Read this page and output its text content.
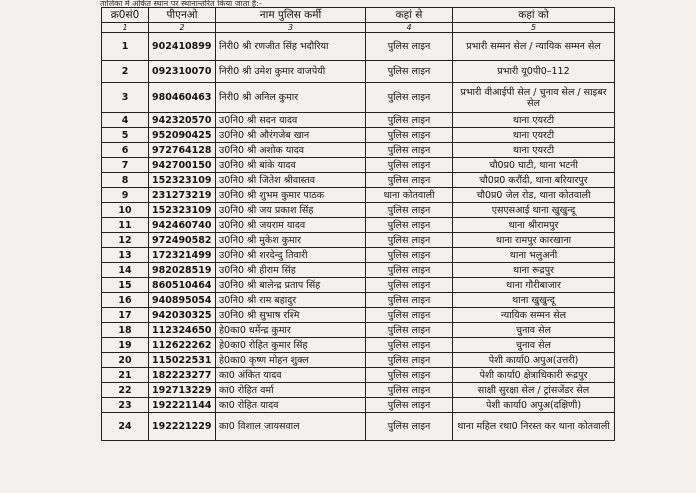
तालिका में अंकित स्थान पर स्थानान्तरित किया जाता है:-
क्र0सं0	पीएनओ	नाम पुलिस कर्मी	कहां से	कहां को
1	2	3	4	5
1	902410899	निरी0 श्री रणजीत सिंह भदौरिया	पुलिस लाइन	प्रभारी सम्मन सेल / न्यायिक सम्मन सेल
2	092310070	निरी0 श्री उमेश कुमार वाजपेयी	पुलिस लाइन	प्रभारी यू0पी0–112
3	980460463	निरी0 श्री अनिल कुमार	पुलिस लाइन	प्रभारी वीआईपी सेल / चुनाव सेल / साइबर सेल
4	942320570	उ0नि0 श्री सदन यादव	पुलिस लाइन	थाना एयरटी
5	952090425	उ0नि0 श्री औरंगजेब खान	पुलिस लाइन	थाना एयरटी
6	972764128	उ0नि0 श्री अशोक यादव	पुलिस लाइन	थाना एयरटी
7	942700150	उ0नि0 श्री बांके यादव	पुलिस लाइन	चौ0प्र0 घाटी, थाना भटनी
8	152323109	उ0नि0 श्री जितेश श्रीवास्तव	पुलिस लाइन	चौ0प्र0 करौंदी, थाना बरियारपुर
9	231273219	उ0नि0 श्री शुभम कुमार पाठक	थाना कोतवाली	चौ0प्र0 जेल रोड, थाना कोतवाली
10	152323109	उ0नि0 श्री जय प्रकाश सिंह	पुलिस लाइन	एसएसआई थाना खुखुन्दू
11	942460740	उ0नि0 श्री जयराम यादव	पुलिस लाइन	थाना श्रीरामपुर
12	972490582	उ0नि0 श्री मुकेश कुमार	पुलिस लाइन	थाना रामपुर कारखाना
13	172321499	उ0नि0 श्री शरदेन्दु तिवारी	पुलिस लाइन	थाना भलुअनी
14	982028519	उ0नि0 श्री हीराम सिंह	पुलिस लाइन	थाना रूद्रपुर
15	860510464	उ0नि0 श्री बालेन्द्र प्रताप सिंह	पुलिस लाइन	थाना गौरीबाजार
16	940895054	उ0नि0 श्री राम बहादुर	पुलिस लाइन	थाना खुखुन्दू
17	942030325	उ0नि0 श्री सुभाष रश्मि	पुलिस लाइन	न्यायिक सम्मन सेल
18	112324650	हे0का0 धर्मेन्द्र कुमार	पुलिस लाइन	चुनाव सेल
19	112622262	हे0का0 रोहित कुमार सिंह	पुलिस लाइन	चुनाव सेल
20	115022531	हे0का0 कृष्ण मोहन शुक्ल	पुलिस लाइन	पेशी कार्या0 अपुअ(उत्तरी)
21	182223277	का0 अंकित यादव	पुलिस लाइन	पेशी कार्या0 क्षेत्राधिकारी रूद्रपुर
22	192713229	का0 रोहित वर्मा	पुलिस लाइन	साक्षी सुरक्षा सेल / ट्रांसजेंडर सेल
23	192221144	का0 रोहित यादव	पुलिस लाइन	पेशी कार्या0 अपुअ(दक्षिणी)
24	192221229	का0 विशाल जायसवाल	पुलिस लाइन	थाना महिल रथा0 निरस्त कर थाना कोतवाली
